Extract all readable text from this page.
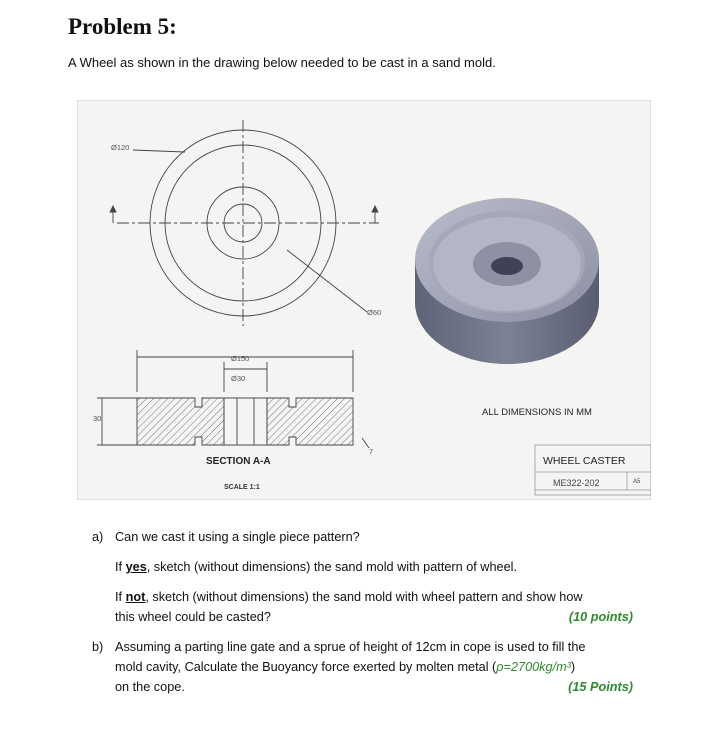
Problem 5:
A Wheel as shown in the drawing below needed to be cast in a sand mold.
Ø120
Ø60
Ø150
Ø30
30
7
SECTION A-A
SCALE 1:1
ALL DIMENSIONS IN MM
WHEEL CASTER
ME322-202	A5
a) Can we cast it using a single piece pattern?
If yes, sketch (without dimensions) the sand mold with pattern of wheel.
If not, sketch (without dimensions) the sand mold with wheel pattern and show how
this wheel could be casted?	(10 points)
b) Assuming a parting line gate and a sprue of height of 12cm in cope is used to fill the
mold cavity, Calculate the Buoyancy force exerted by molten metal (ρ=2700kg/m³)
on the cope.	(15 Points)
